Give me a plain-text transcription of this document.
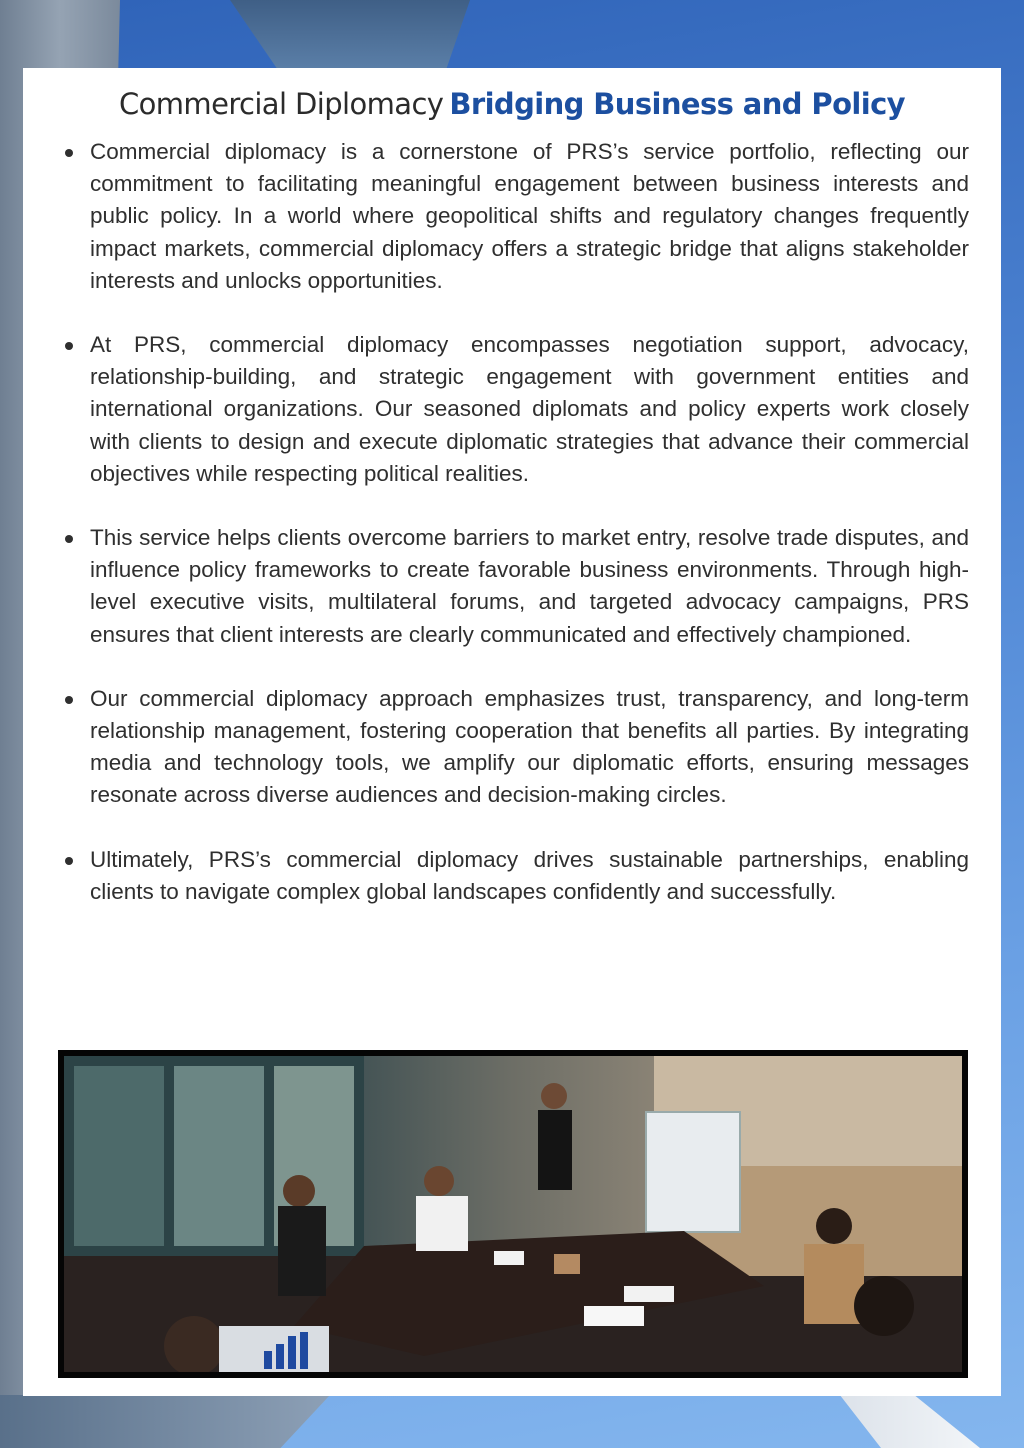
Commercial Diplomacy Bridging Business and Policy
Commercial diplomacy is a cornerstone of PRS’s service portfolio, reflecting our commitment to facilitating meaningful engagement between business interests and public policy. In a world where geopolitical shifts and regulatory changes frequently impact markets, commercial diplomacy offers a strategic bridge that aligns stakeholder interests and unlocks opportunities.
At PRS, commercial diplomacy encompasses negotiation support, advocacy, relationship-building, and strategic engagement with government entities and international organizations. Our seasoned diplomats and policy experts work closely with clients to design and execute diplomatic strategies that advance their commercial objectives while respecting political realities.
This service helps clients overcome barriers to market entry, resolve trade disputes, and influence policy frameworks to create favorable business environments. Through high-level executive visits, multilateral forums, and targeted advocacy campaigns, PRS ensures that client interests are clearly communicated and effectively championed.
Our commercial diplomacy approach emphasizes trust, transparency, and long-term relationship management, fostering cooperation that benefits all parties. By integrating media and technology tools, we amplify our diplomatic efforts, ensuring messages resonate across diverse audiences and decision-making circles.
Ultimately, PRS’s commercial diplomacy drives sustainable partnerships, enabling clients to navigate complex global landscapes confidently and successfully.
